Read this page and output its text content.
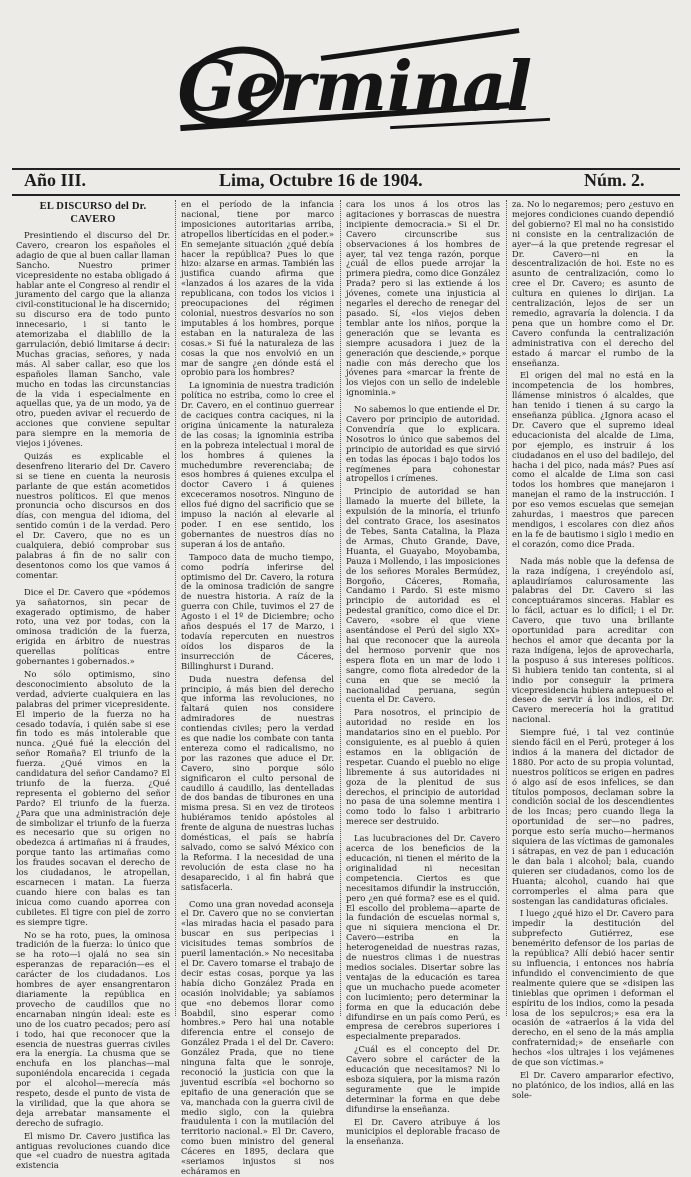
Germinal
Año III.	Lima, Octubre 16 de 1904.	Núm. 2.
EL DISCURSO del Dr. CAVERO

Presintiendo el discurso del Dr. Cavero, crearon los españoles el adagio de que al buen callar llaman Sancho. Nuestro primer vicepresidente no estaba obligado á hablar ante el Congreso al rendir el juramento del cargo que la alianza civil-constitucional le ha discernido; su discurso era de todo punto innecesario, i si tanto le atemorizaba el diablillo de la garrulación, debió limitarse á decir: Muchas gracias, señores, y nada más. Al saber callar, eso que los españoles llaman Sancho, vale mucho en todas las circunstancias de la vida i especialmente en aquellas que, ya de un modo, ya de otro, pueden avivar el recuerdo de acciones que conviene sepultar para siempre en la memoria de viejos i jóvenes.

Quizás es explicable el desenfreno literario del Dr. Cavero si se tiene en cuenta la neurosis parlante de que están acometidos nuestros políticos. El que menos pronuncia ocho discursos en dos días, con mengua del idioma, del sentido común i de la verdad. Pero el Dr. Cavero, que no es un cualquiera, debió comprobar sus palabras á fin de no salir con desentonos como los que vamos á comentar.

Dice el Dr. Cavero que «pódemos ya sañatornos, sin pecar de exagerado optimismo, de haber roto, una vez por todas, con la ominosa tradición de la fuerza, erigida en árbitro de nuestras querellas políticas entre gobernantes i gobernados.»

No sólo optimismo, sino desconocimiento absoluto de la verdad, advierte cualquiera en las palabras del primer vicepresidente. El imperio de la fuerza no ha cesado todavía, i quién sabe si ese fin todo es más intolerable que nunca. ¿Qué fué la elección del señor Romaña? El triunfo de la fuerza. ¿Qué vimos en la candidatura del señor Candamo? El triunfo de la fuerza. ¿Qué representa el gobierno del señor Pardo? El triunfo de la fuerza. ¿Para que una administración deje de simbolizar el triunfo de la fuerza es necesario que su origen no obedezca á artimañas ni á fraudes, porque tanto las artimañas como los fraudes socavan el derecho de los ciudadanos, le atropellan, escarnecen i matan. La fuerza cuando hiere con balas es tan inicua como cuando aporrea con cubiletes. El tigre con piel de zorro es siempre tigre.

No se ha roto, pues, la ominosa tradición de la fuerza: lo único que se ha roto—i ojalá no sea sin esperanzas de reparación—es el carácter de los ciudadanos. Los hombres de ayer ensangrentaron diariamente la república en provecho de caudillos que no encarnaban ningún ideal: este es uno de los cuatro pecados; pero así i todo, hai que reconocer que la esencia de nuestras guerras civiles era la energía. La chusma que se enchufa en los planchas—mal suponiéndola encarecida i cegada por el alcohol—merecía más respeto, desde el punto de vista de la virilidad, que la que ahora se deja arrebatar mansamente el derecho de sufragio.

El mismo Dr. Cavero justifica las antiguas revoluciones cuando dice que «el cuadro de nuestra agitada existencia

en el período de la infancia nacional, tiene por marco imposiciones autoritarias arriba, atropellos libertícidas en el poder.» En semejante situación ¿qué debía hacer la república? Pues lo que hizo: alzarse en armas. También las justifica cuando afirma que «lanzados á los azares de la vida republicana, con todos los vicios i preocupaciones del régimen colonial, nuestros desvaríos no son imputables á los hombres, porque estaban en la naturaleza de las cosas.» Si fué la naturaleza de las cosas la que nos envolvió en un mar de sangre ¿en dónde está el oprobio para los hombres?

La ignominia de nuestra tradición política no estriba, como lo cree el Dr. Cavero, en el continuo guerrear de caciques contra caciques, ni la origina únicamente la naturaleza de las cosas; la ignominia estriba en la pobreza intelectual i moral de los hombres á quienes la muchedumbre reverenciaba; de esos hombres á quienes exculpa el doctor Cavero i á quienes exceceramos nosotros. Ninguno de ellos fué digno del sacrificio que se impuso la nación al elevarle al poder. I en ese sentido, los gobernantes de nuestros días no superan á los de antaño.

Tampoco data de mucho tiempo, como podría inferirse del optimismo del Dr. Cavero, la rotura de la ominosa tradición de sangre de nuestra historia. A raíz de la guerra con Chile, tuvimos el 27 de Agosto i el 1º de Diciembre; ocho años después el 17 de Marzo, i todavía repercuten en nuestros oídos los disparos de la insurrección de Cáceres, Billinghurst i Durand.

Duda nuestra defensa del principio, á más bien del derecho que informa las revoluciones, no faltará quien nos considere admiradores de nuestras contiendas civiles; pero la verdad es que nadie los combate con tanta entereza como el radicalismo, no por las razones que aduce el Dr. Cavero, sino porque sólo significaron el culto personal de caudillo á caudillo, las dentelladas de dos bandas de tiburones en una misma presa. Si en vez de tiroteos hubiéramos tenido apóstoles al frente de alguna de nuestras luchas domésticas, el país se habría salvado, como se salvó México con la Reforma. I la necesidad de una revolución de esta clase no ha desaparecido, i al fin habrá que satisfacerla.

Como una gran novedad aconseja el Dr. Cavero que no se conviertan «las miradas hacia el pasado para buscar en sus peripecias i vicisitudes temas sombríos de pueril lamentación.» No necesitaba el Dr. Cavero tomarse el trabajo de decir estas cosas, porque ya las había dicho González Prada en ocasión inolvidable; ya sabíamos que «no debemos llorar como Boabdil, sino esperar como hombres.» Pero hai una notable diferencia entre el consejo de González Prada i el del Dr. Cavero: González Prada, que no tiene ninguna falta que le sonroje, reconoció la justicia con que la juventud escribía «el bochorno so epitafio de una generación que se va, manchada con la guerra civil de medio siglo, con la quiebra fraudulenta i con la mutilación del territorio nacional.» El Dr. Cavero, como buen ministro del general Cáceres en 1895, declara que «seriamos injustos si nos echáramos en

cara los unos á los otros las agitaciones y borrascas de nuestra incipiente democracia.» Si el Dr. Cavero circunscribe sus observaciones á los hombres de ayer, tal vez tenga razón, porque ¿cuál de ellos puede arrojar la primera piedra, como dice González Prada? pero si las extiende á los jóvenes, comete una injusticia al negarles el derecho de renegar del pasado. Sí, «los viejos deben temblar ante los niños, porque la generación que se levanta es siempre acusadora i juez de la generación que desciende,» porque nadie con más derecho que los jóvenes para «marcar la frente de los viejos con un sello de indeleble ignominia.»

No sabemos lo que entiende el Dr. Cavero por principio de autoridad. Convendría que lo explicara. Nosotros lo único que sabemos del principio de autoridad es que sirvió en todas las épocas i bajo todos los regímenes para cohonestar atropellos i crímenes.

Principio de autoridad se han llamado la muerte del billete, la expulsión de la minoría, el triunfo del contrato Grace, los asesinatos de Tebes, Santa Catalina, la Plaza de Armas, Chuto Grande, Dave, Huanta, el Guayabo, Moyobamba, Pauza i Mollendo, i las imposiciones de los señores Morales Bermúdez, Borgoño, Cáceres, Romaña, Candamo i Pardo. Si este mismo principio de autoridad es el pedestal granítico, como dice el Dr. Cavero, «sobre el que viene asentándose el Perú del siglo XX» hai que reconocer que la aureola del hermoso porvenir que nos espera flota en un mar de lodo i sangre, como flota alrededor de la cuna en que se meció la nacionalidad peruana, según cuenta el Dr. Cavero.

Para nosotros, el principio de autoridad no reside en los mandatarios sino en el pueblo. Por consiguiente, es al pueblo á quien estamos en la obligación de respetar. Cuando el pueblo no elige libremente á sus autoridades ni goza de la plenitud de sus derechos, el principio de autoridad no pasa de una solemne mentira i como todo lo falso i arbitrario merece ser destruido.

Las lucubraciones del Dr. Cavero acerca de los beneficios de la educación, ni tienen el mérito de la originalidad ni necesitan competencia. Ciertos es que necesitamos difundir la instrucción, pero ¿en qué forma? ese es el quid. El escollo del problema—aparte de la fundación de escuelas normal s, que ni siquiera menciona el Dr. Cavero—estriba en la heterogeneidad de nuestras razas, de nuestros climas i de nuestras medios sociales. Disertar sobre las ventajas de la educación es tarea que un muchacho puede acometer con lucimiento; pero determinar la forma en que la educación debe difundirse en un país como Perú, es empresa de cerebros superiores i especialmente preparados.

¿Cuál es el concepto del Dr. Cavero sobre el carácter de la educación que necesitamos? Ni lo esboza siquiera, por la misma razón seguramente que le impide determinar la forma en que debe difundirse la enseñanza.

El Dr. Cavero atribuye á los municipios el deplorable fracaso de la enseñanza.

za. No lo negaremos; pero ¿estuvo en mejores condiciones cuando dependió del gobierno? El mal no ha consistido ni consiste en la centralización de ayer—á la que pretende regresar el Dr. Cavero—ni en la descentralización de hoi. Este no es asunto de centralización, como lo cree el Dr. Cavero; es asunto de cultura en quienes lo dirijan. La centralización, lejos de ser un remedio, agravaría la dolencia. I da pena que un hombre como el Dr. Cavero confunda la centralización administrativa con el derecho del estado á marcar el rumbo de la enseñanza.

El origen del mal no está en la incompetencia de los hombres, llámense ministros ó alcaldes, que han tenido i tienen á su cargo la enseñanza pública. ¿Ignora acaso el Dr. Cavero que el supremo ideal educacionista del alcalde de Lima, por ejemplo, es instruir á los ciudadanos en el uso del badilejo, del hacha i del pico, nada más? Pues así como el alcalde de Lima son casi todos los hombres que manejaron i manejan el ramo de la instrucción. I por eso vemos escuelas que semejan zahurdas, i maestros que parecen mendigos, i escolares con diez años en la fe de bautismo i siglo i medio en el corazón, como dice Prada.

Nada más noble que la defensa de la raza indígena, i creyéndolo así, aplaudiríamos calurosamente las palabras del Dr. Cavero si las conceptuáramos sinceras. Hablar es lo fácil, actuar es lo difícil; i el Dr. Cavero, que tuvo una brillante oportunidad para acreditar con hechos el amor que decanta por la raza indígena, lejos de aprovecharla, la pospuso á sus intereses políticos. Si hubiera tenido tan contenta, si al indio por conseguir la primera vicepresidencia hubiera antepuesto el deseo de servir á los indios, el Dr. Cavero merecería hoi la gratitud nacional.

Siempre fué, i tal vez continúe siendo fácil en el Perú, proteger á los indios á la manera del dictador de 1880. Por acto de su propia voluntad, nuestros políticos se erigen en padres ó algo así de esos infelices, se dan títulos pomposos, declaman sobre la condición social de los descendientes de los Incas; pero cuando llega la oportunidad de ser—no padres, porque esto sería mucho—hermanos siquiera de las víctimas de gamonales i sátrapas, en vez de pan i educación le dan bala i alcohol; bala, cuando quieren ser ciudadanos, como los de Huanta; alcohol, cuando hai que corromperles el alma para que sostengan las candidaturas oficiales.

I luego ¿qué hizo el Dr. Cavero para impedir la destitución del subprefecto Gutiérrez, ese benemérito defensor de los parias de la república? Allí debió hacer sentir su influencia, i entonces nos habría infundido el convencimiento de que realmente quiere que se «disipen las tinieblas que oprimen i deforman el espíritu de los indios, como la pesada losa de los sepulcros;» esa era la ocasión de «atraerlos á la vida del derecho, en el seno de la más amplia confraternidad;» de enseñarle con hechos «los ultrajes i los vejámenes de que son víctimas.»

El Dr. Cavero ampararlor efectivo, no platónico, de los indios, allá en las sole-
